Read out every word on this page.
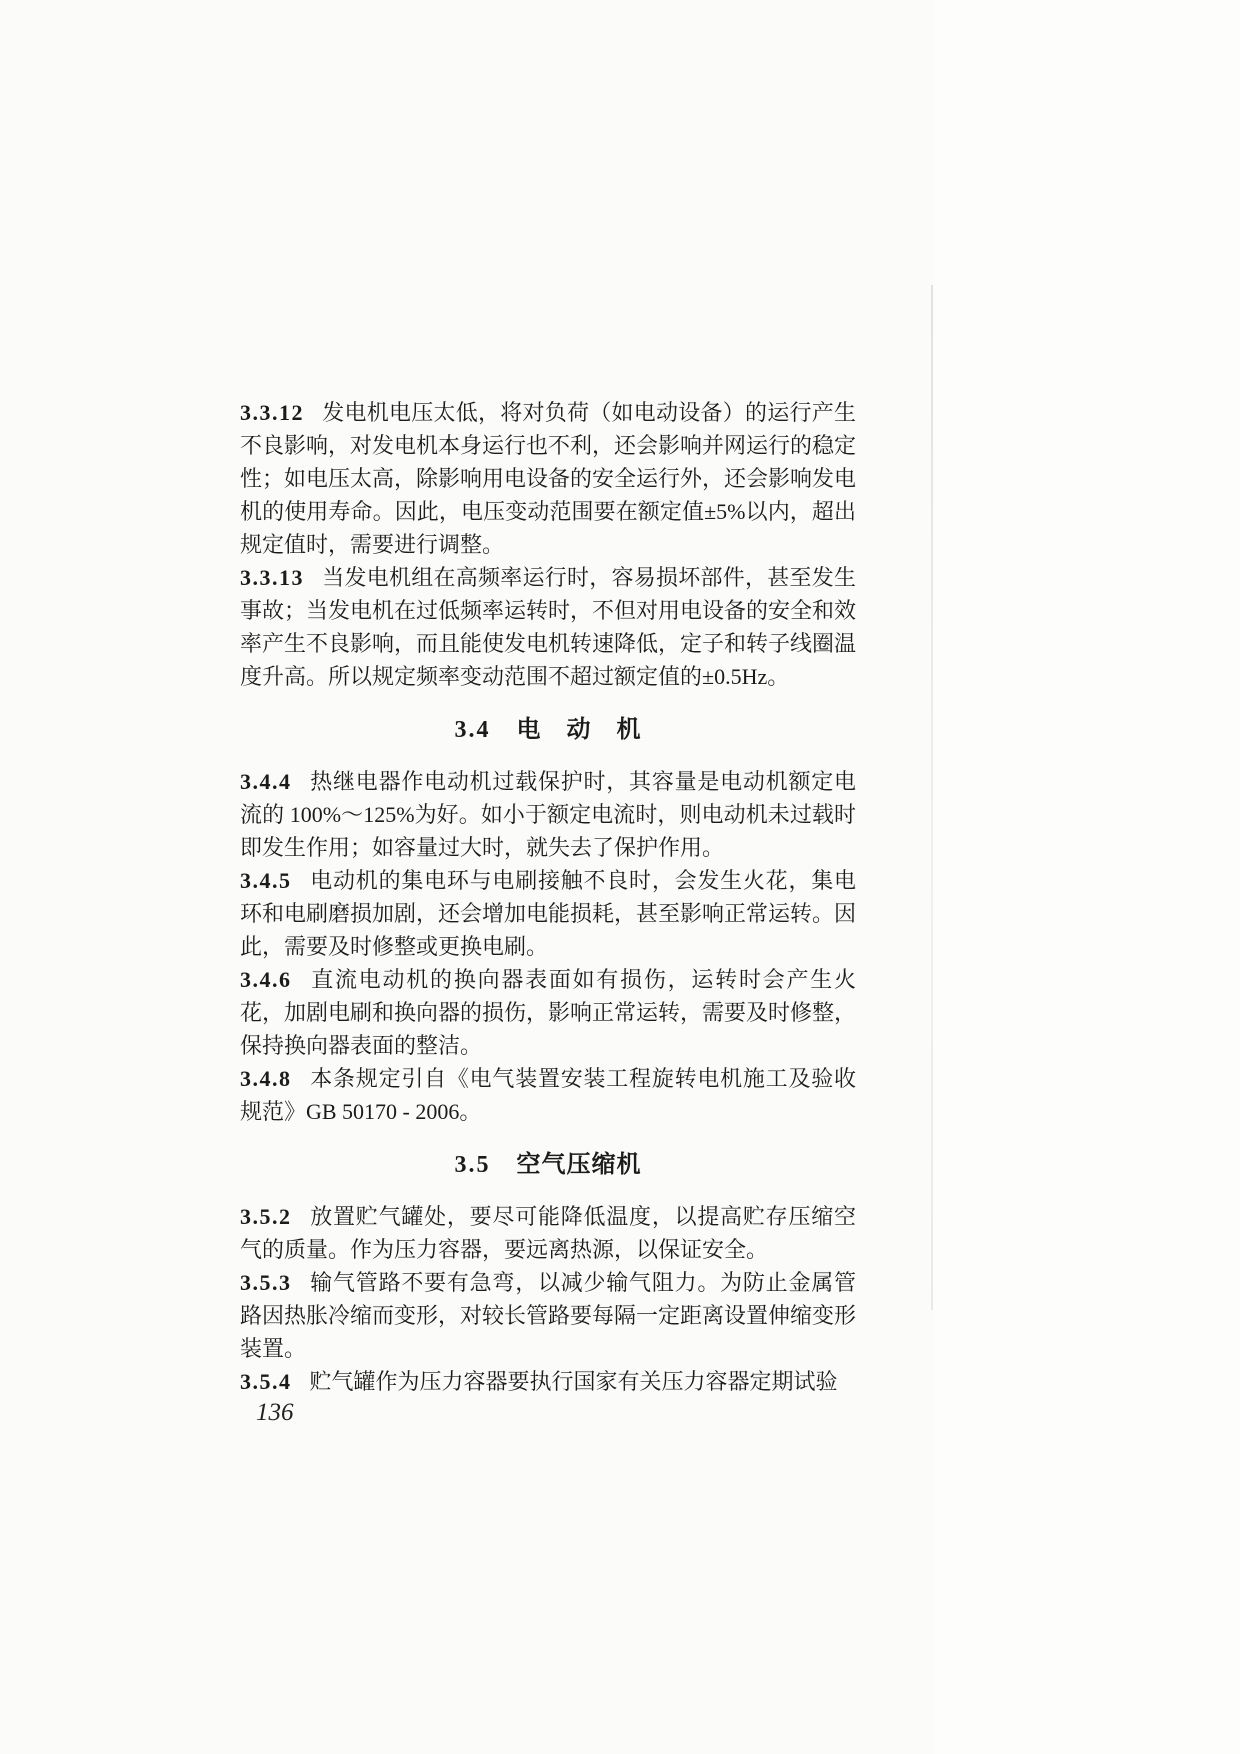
3.3.12 发电机电压太低，将对负荷（如电动设备）的运行产生不良影响，对发电机本身运行也不利，还会影响并网运行的稳定性；如电压太高，除影响用电设备的安全运行外，还会影响发电机的使用寿命。因此，电压变动范围要在额定值±5%以内，超出规定值时，需要进行调整。

3.3.13 当发电机组在高频率运行时，容易损坏部件，甚至发生事故；当发电机在过低频率运转时，不但对用电设备的安全和效率产生不良影响，而且能使发电机转速降低，定子和转子线圈温度升高。所以规定频率变动范围不超过额定值的±0.5Hz。

3.4 电　动　机

3.4.4 热继电器作电动机过载保护时，其容量是电动机额定电流的 100%～125%为好。如小于额定电流时，则电动机未过载时即发生作用；如容量过大时，就失去了保护作用。

3.4.5 电动机的集电环与电刷接触不良时，会发生火花，集电环和电刷磨损加剧，还会增加电能损耗，甚至影响正常运转。因此，需要及时修整或更换电刷。

3.4.6 直流电动机的换向器表面如有损伤，运转时会产生火花，加剧电刷和换向器的损伤，影响正常运转，需要及时修整，保持换向器表面的整洁。

3.4.8 本条规定引自《电气装置安装工程旋转电机施工及验收规范》GB 50170 - 2006。

3.5 空气压缩机

3.5.2 放置贮气罐处，要尽可能降低温度，以提高贮存压缩空气的质量。作为压力容器，要远离热源，以保证安全。

3.5.3 输气管路不要有急弯，以减少输气阻力。为防止金属管路因热胀冷缩而变形，对较长管路要每隔一定距离设置伸缩变形装置。

3.5.4 贮气罐作为压力容器要执行国家有关压力容器定期试验

136
